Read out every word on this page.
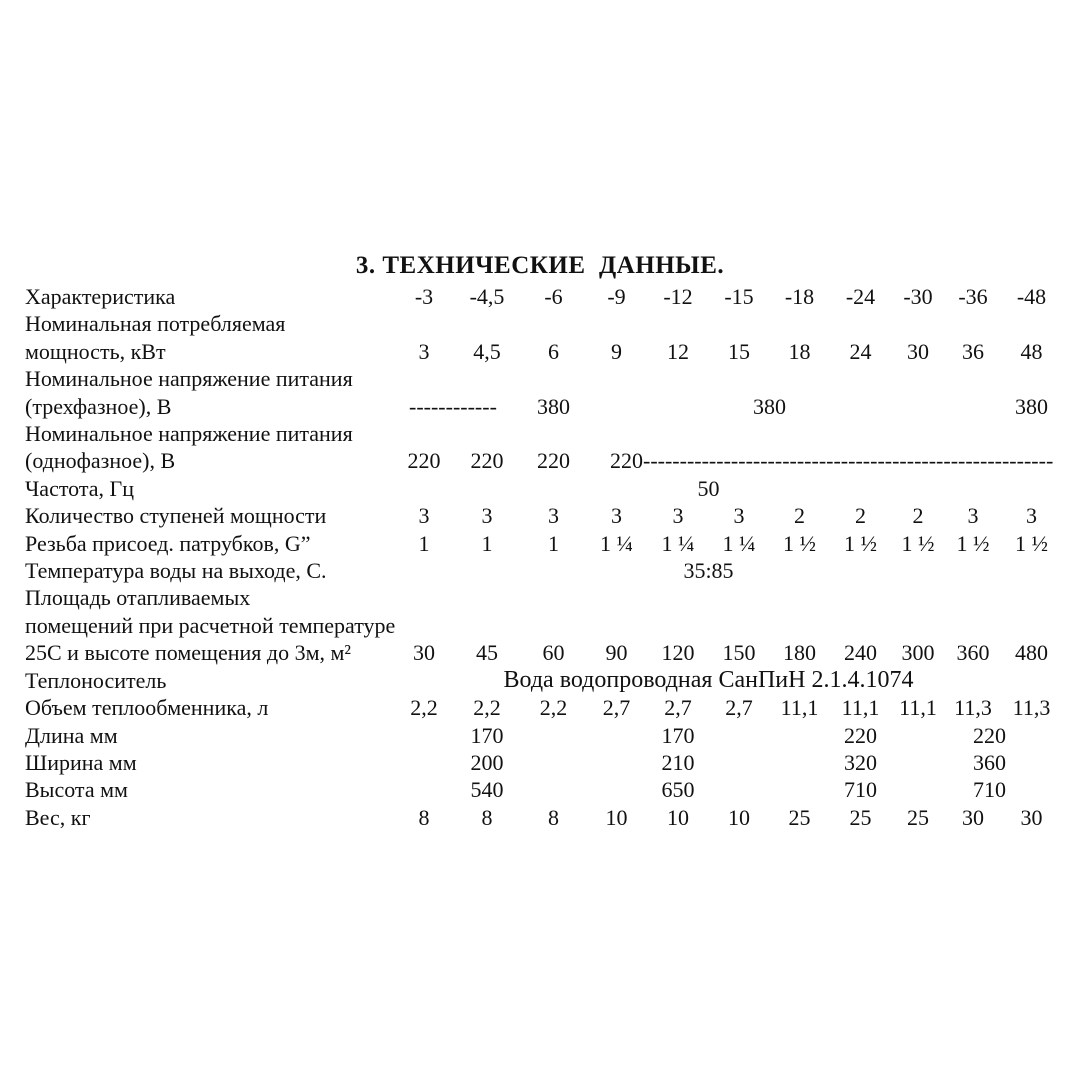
3. ТЕХНИЧЕСКИЕ  ДАННЫЕ.
Характеристика	-3	-4,5	-6	-9	-12	-15	-18	-24	-30	-36	-48
Номинальная потребляемая	
мощность, кВт	3	4,5	6	9	12	15	18	24	30	36	48
Номинальное напряжение питания	
(трехфазное), В	------------	380		380		380
Номинальное напряжение питания	
(однофазное), В	220	220	220	220--------------------------------------------------------
Частота, Гц	50
Количество ступеней мощности	3	3	3	3	3	3	2	2	2	3	3
Резьба присоед. патрубков, G”	1	1	1	1 ¼	1 ¼	1 ¼	1 ½	1 ½	1 ½	1 ½	1 ½
Температура воды на выходе, С.	35:85
Площадь отапливаемых	
помещений при расчетной температуре	
25С и высоте помещения до 3м, м²	30	45	60	90	120	150	180	240	300	360	480
Теплоноситель	Вода водопроводная СанПиН 2.1.4.1074
Объем теплообменника, л	2,2	2,2	2,2	2,7	2,7	2,7	11,1	11,1	11,1	11,3	11,3
Длина мм		170		170		220		220
Ширина мм		200		210		320		360
Высота мм		540		650		710		710
Вес, кг	8	8	8	10	10	10	25	25	25	30	30
